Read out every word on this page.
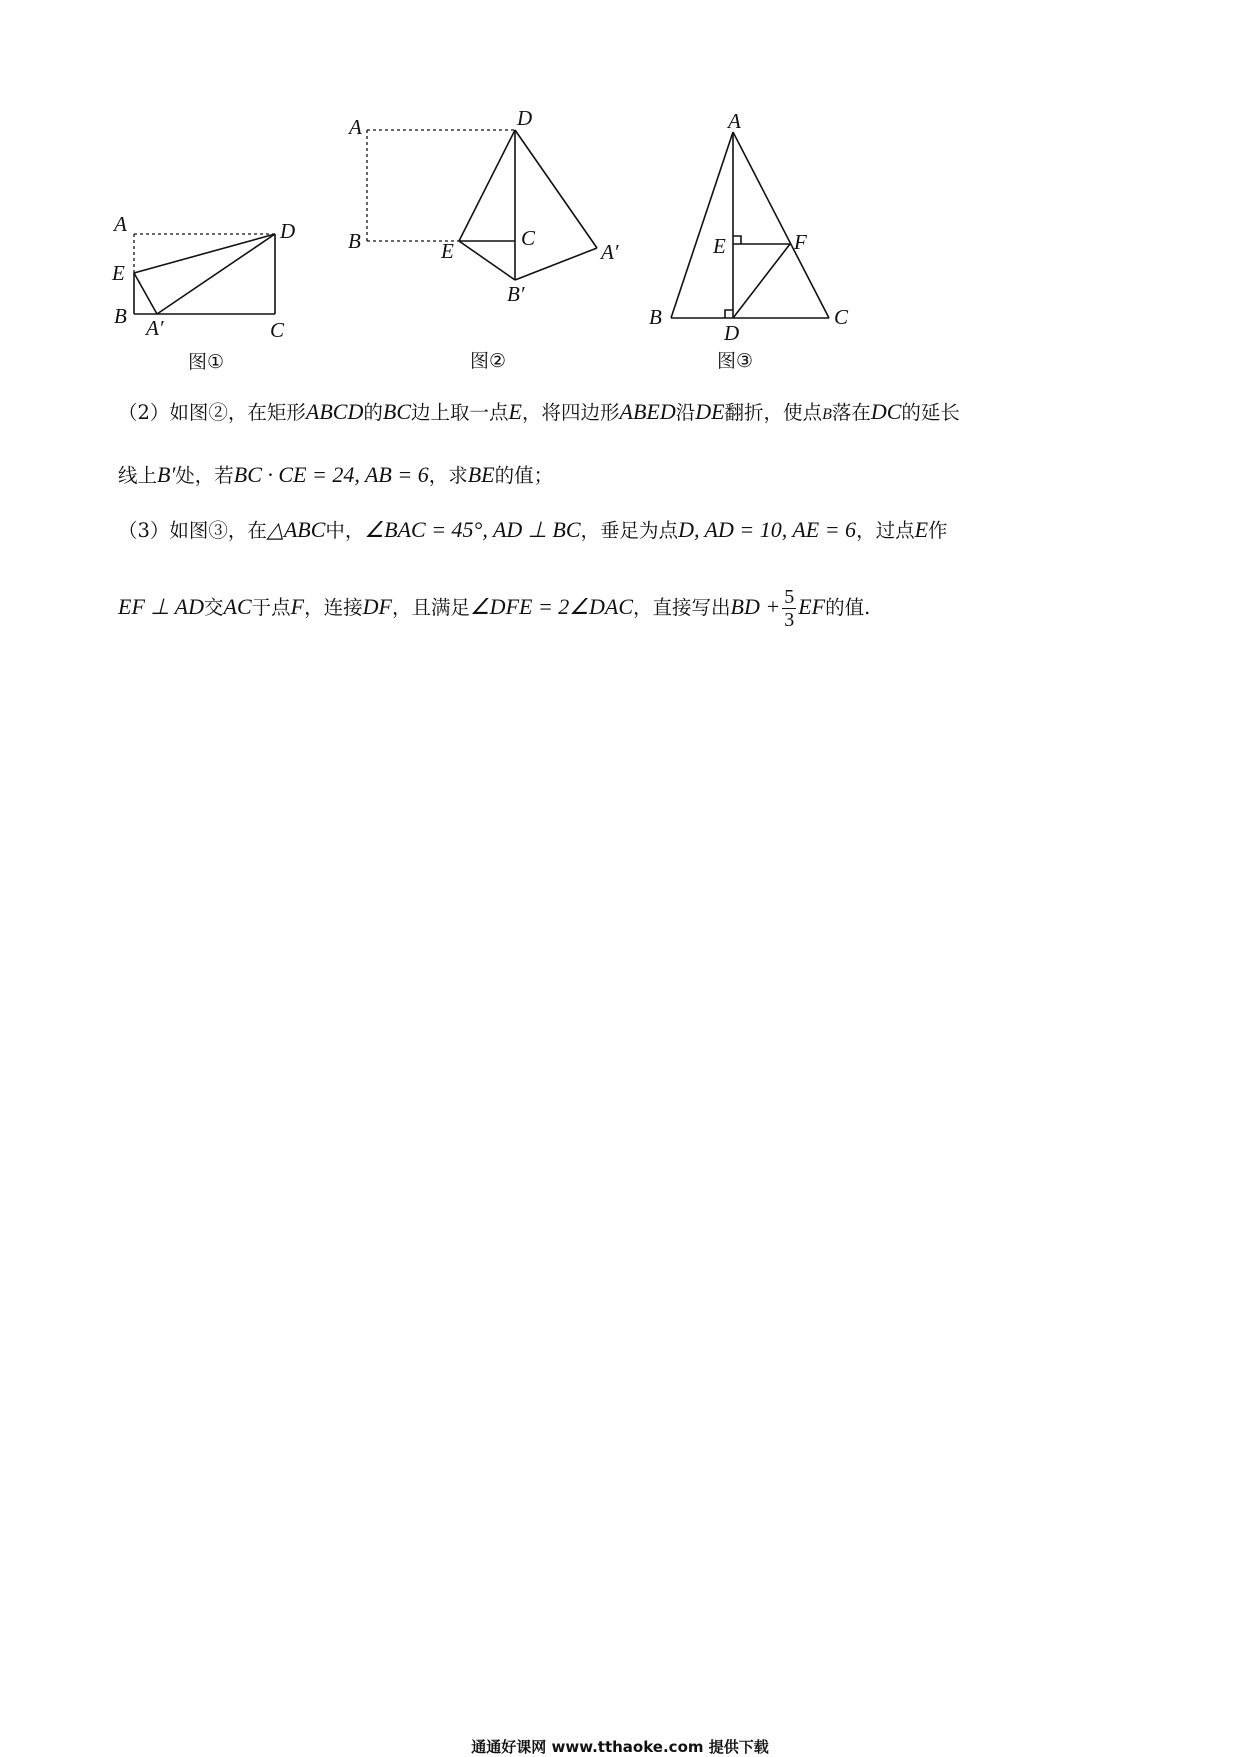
A	D
E
B A′	C
图①
A	D
B	E
C
A′
B′
图②
A
E	F
B
D
C
图③
（2）如图②，在矩形ABCD的BC边上取一点E，将四边形ABED沿DE翻折，使点B落在DC的延长
线上B′处，若BC · CE = 24, AB = 6，求BE的值；
（3）如图③，在△ABC中，∠BAC = 45°, AD ⊥ BC，垂足为点D, AD = 10, AE = 6，过点E作
EF ⊥ AD交AC于点F，连接DF，且满足∠DFE = 2∠DAC，直接写出BD + $\frac{5}{3}$ EF的值.
通通好课网 www.tthaoke.com 提供下载
